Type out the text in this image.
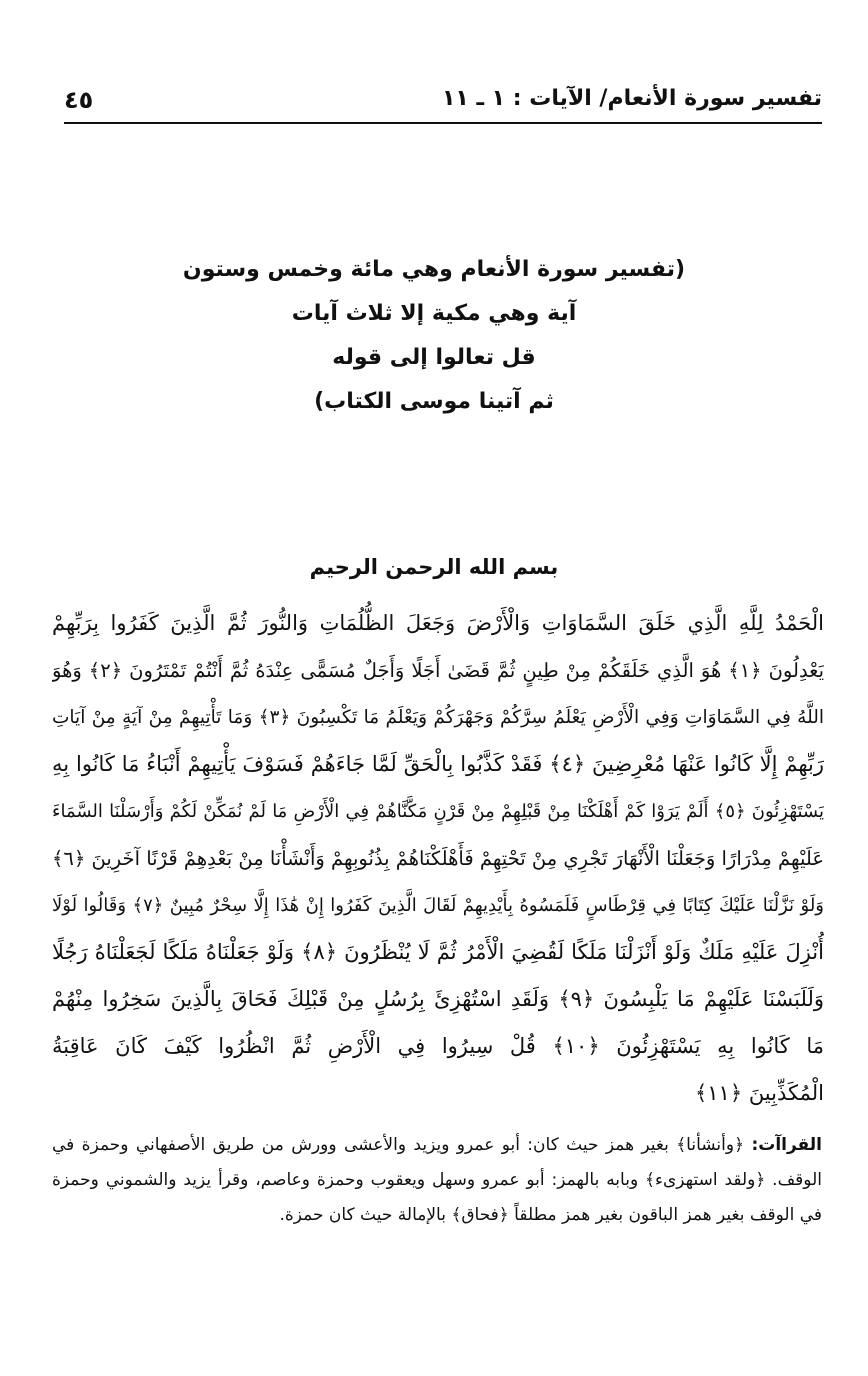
تفسير سورة الأنعام/ الآيات : ١ ـ ١١
٤٥
(تفسير سورة الأنعام وهي مائة وخمس وستون
آية وهي مكية إلا ثلاث آيات
قل تعالوا إلى قوله
ثم آتينا موسى الكتاب)
بسم الله الرحمن الرحيم
الْحَمْدُ لِلَّهِ الَّذِي خَلَقَ السَّمَاوَاتِ وَالْأَرْضَ وَجَعَلَ الظُّلُمَاتِ وَالنُّورَ ثُمَّ الَّذِينَ كَفَرُوا بِرَبِّهِمْ
يَعْدِلُونَ ﴿١﴾ هُوَ الَّذِي خَلَقَكُمْ مِنْ طِينٍ ثُمَّ قَضَىٰ أَجَلًا وَأَجَلٌ مُسَمًّى عِنْدَهُ ثُمَّ أَنْتُمْ تَمْتَرُونَ ﴿٢﴾ وَهُوَ
اللَّهُ فِي السَّمَاوَاتِ وَفِي الْأَرْضِ يَعْلَمُ سِرَّكُمْ وَجَهْرَكُمْ وَيَعْلَمُ مَا تَكْسِبُونَ ﴿٣﴾ وَمَا تَأْتِيهِمْ مِنْ آيَةٍ مِنْ آيَاتِ
رَبِّهِمْ إِلَّا كَانُوا عَنْهَا مُعْرِضِينَ ﴿٤﴾ فَقَدْ كَذَّبُوا بِالْحَقِّ لَمَّا جَاءَهُمْ فَسَوْفَ يَأْتِيهِمْ أَنْبَاءُ مَا كَانُوا بِهِ
يَسْتَهْزِئُونَ ﴿٥﴾ أَلَمْ يَرَوْا كَمْ أَهْلَكْنَا مِنْ قَبْلِهِمْ مِنْ قَرْنٍ مَكَّنَّاهُمْ فِي الْأَرْضِ مَا لَمْ نُمَكِّنْ لَكُمْ وَأَرْسَلْنَا السَّمَاءَ
عَلَيْهِمْ مِدْرَارًا وَجَعَلْنَا الْأَنْهَارَ تَجْرِي مِنْ تَحْتِهِمْ فَأَهْلَكْنَاهُمْ بِذُنُوبِهِمْ وَأَنْشَأْنَا مِنْ بَعْدِهِمْ قَرْنًا آخَرِينَ ﴿٦﴾
وَلَوْ نَزَّلْنَا عَلَيْكَ كِتَابًا فِي قِرْطَاسٍ فَلَمَسُوهُ بِأَيْدِيهِمْ لَقَالَ الَّذِينَ كَفَرُوا إِنْ هَٰذَا إِلَّا سِحْرٌ مُبِينٌ ﴿٧﴾ وَقَالُوا لَوْلَا
أُنْزِلَ عَلَيْهِ مَلَكٌ وَلَوْ أَنْزَلْنَا مَلَكًا لَقُضِيَ الْأَمْرُ ثُمَّ لَا يُنْظَرُونَ ﴿٨﴾ وَلَوْ جَعَلْنَاهُ مَلَكًا لَجَعَلْنَاهُ رَجُلًا
وَلَلَبَسْنَا عَلَيْهِمْ مَا يَلْبِسُونَ ﴿٩﴾ وَلَقَدِ اسْتُهْزِئَ بِرُسُلٍ مِنْ قَبْلِكَ فَحَاقَ بِالَّذِينَ سَخِرُوا مِنْهُمْ
مَا كَانُوا بِهِ يَسْتَهْزِئُونَ ﴿١٠﴾ قُلْ سِيرُوا فِي الْأَرْضِ ثُمَّ انْظُرُوا كَيْفَ كَانَ عَاقِبَةُ
الْمُكَذِّبِينَ ﴿١١﴾
القراآت: ﴿وأنشأنا﴾ بغير همز حيث كان: أبو عمرو ويزيد والأعشى وورش من طريق الأصفهاني وحمزة في الوقف. ﴿ولقد استهزىء﴾ وبابه بالهمز: أبو عمرو وسهل ويعقوب وحمزة وعاصم، وقرأ يزيد والشموني وحمزة في الوقف بغير همز الباقون بغير همز مطلقاً ﴿فحاق﴾ بالإمالة حيث كان حمزة.
